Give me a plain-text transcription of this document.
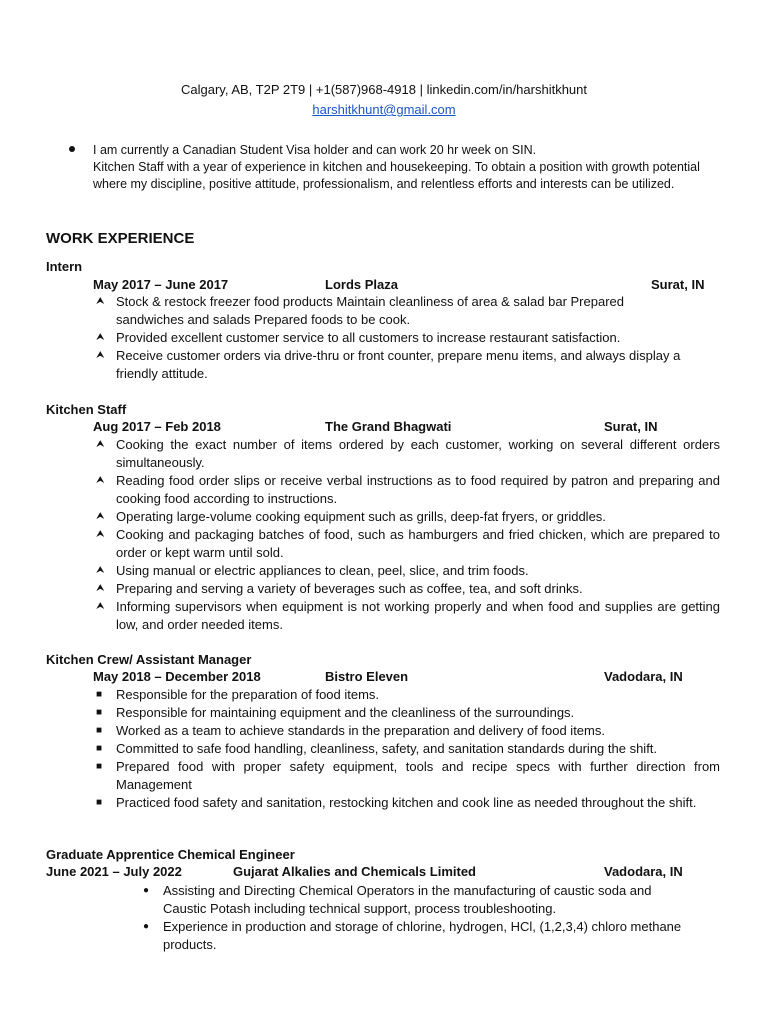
Calgary, AB, T2P 2T9 | +1(587)968-4918 | linkedin.com/in/harshitkhunt
harshitkhunt@gmail.com
I am currently a Canadian Student Visa holder and can work 20 hr week on SIN.
Kitchen Staff with a year of experience in kitchen and housekeeping. To obtain a position with growth potential where my discipline, positive attitude, professionalism, and relentless efforts and interests can be utilized.
WORK EXPERIENCE
Intern
May 2017 – June 2017	Lords Plaza	Surat, IN
⮝ Stock & restock freezer food products Maintain cleanliness of area & salad bar Prepared sandwiches and salads Prepared foods to be cook.
⮝ Provided excellent customer service to all customers to increase restaurant satisfaction.
⮝ Receive customer orders via drive-thru or front counter, prepare menu items, and always display a friendly attitude.
Kitchen Staff
Aug 2017 – Feb 2018	The Grand Bhagwati	Surat, IN
⮝ Cooking the exact number of items ordered by each customer, working on several different orders simultaneously.
⮝ Reading food order slips or receive verbal instructions as to food required by patron and preparing and cooking food according to instructions.
⮝ Operating large-volume cooking equipment such as grills, deep-fat fryers, or griddles.
⮝ Cooking and packaging batches of food, such as hamburgers and fried chicken, which are prepared to order or kept warm until sold.
⮝ Using manual or electric appliances to clean, peel, slice, and trim foods.
⮝ Preparing and serving a variety of beverages such as coffee, tea, and soft drinks.
⮝ Informing supervisors when equipment is not working properly and when food and supplies are getting low, and order needed items.
Kitchen Crew/ Assistant Manager
May 2018 – December 2018	Bistro Eleven	Vadodara, IN
■ Responsible for the preparation of food items.
■ Responsible for maintaining equipment and the cleanliness of the surroundings.
■ Worked as a team to achieve standards in the preparation and delivery of food items.
■ Committed to safe food handling, cleanliness, safety, and sanitation standards during the shift.
■ Prepared food with proper safety equipment, tools and recipe specs with further direction from Management
■ Practiced food safety and sanitation, restocking kitchen and cook line as needed throughout the shift.
Graduate Apprentice Chemical Engineer
June 2021 – July 2022	Gujarat Alkalies and Chemicals Limited	Vadodara, IN
● Assisting and Directing Chemical Operators in the manufacturing of caustic soda and Caustic Potash including technical support, process troubleshooting.
● Experience in production and storage of chlorine, hydrogen, HCl, (1,2,3,4) chloro methane products.
